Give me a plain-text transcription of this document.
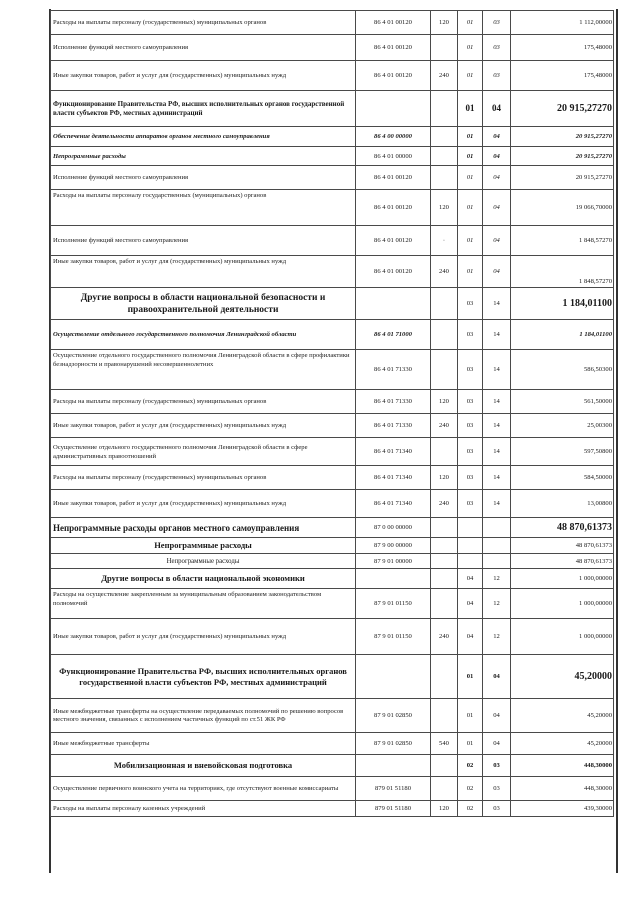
Расходы на выплаты персоналу (государственных) муниципальных органов	86 4 01 00120	120	01	03	1 112,00000
Исполнение функций местного самоуправления	86 4 01 00120		01	03	175,48000
Иные закупки товаров, работ и услуг для (государственных) муниципальных нужд	86 4 01 00120	240	01	03	175,48000
Функционирование Правительства РФ, высших исполнительных органов государственной власти субъектов РФ, местных администраций			01	04	20 915,27270
Обеспечение деятельности аппаратов органов местного самоуправления	86 4 00 00000		01	04	20 915,27270
Непрограммные расходы	86 4 01 00000		01	04	20 915,27270
Исполнение функций местного самоуправления	86 4 01 00120		01	04	20 915,27270
Расходы на выплаты персоналу государственных (муниципальных) органов	86 4 01 00120	120	01	04	19 066,70000
Исполнение функций местного самоуправления	86 4 01 00120	·	01	04	1 848,57270
Иные закупки товаров, работ и услуг для (государственных) муниципальных нужд	86 4 01 00120	240	01	04	1 848,57270
Другие вопросы в области национальной безопасности и правоохранительной деятельности			03	14	1 184,01100
Осуществление отдельного государственного полномочия Ленинградской области	86 4 01 71000		03	14	1 184,01100
Осуществление отдельного государственного полномочия Ленинградской области в сфере профилактики безнадзорности и правонарушений несовершеннолетних	86 4 01 71330		03	14	586,50300
Расходы на выплаты персоналу (государственных) муниципальных органов	86 4 01 71330	120	03	14	561,50000
Иные закупки товаров, работ и услуг для (государственных) муниципальных нужд	86 4 01 71330	240	03	14	25,00300
Осуществление отдельного государственного полномочия Ленинградской области в сфере административных правоотношений	86 4 01 71340		03	14	597,50800
Расходы на выплаты персоналу (государственных) муниципальных органов	86 4 01 71340	120	03	14	584,50000
Иные закупки товаров, работ и услуг для (государственных) муниципальных нужд	86 4 01 71340	240	03	14	13,00800
Непрограммные расходы органов местного самоуправления	87 0 00 00000				48 870,61373
Непрограммные расходы	87 9 00 00000				48 870,61373
Непрограммные расходы	87 9 01 00000				48 870,61373
Другие вопросы в области национальной экономики			04	12	1 000,00000
Расходы на осуществление закрепленным за муниципальным образованием законодательством полномочий	87 9 01 01150		04	12	1 000,00000
Иные закупки товаров, работ и услуг для (государственных) муниципальных нужд	87 9 01 01150	240	04	12	1 000,00000
Функционирование Правительства РФ, высших исполнительных органов государственной власти субъектов РФ, местных администраций			01	04	45,20000
Иные межбюджетные трансферты на осуществление передаваемых полномочий по решению вопросов местного значения, связанных с исполнением частичных функций по ст.51 ЖК РФ	87 9 01 02850		01	04	45,20000
Иные межбюджетные трансферты	87 9 01 02850	540	01	04	45,20000
Мобилизационная и вневойсковая подготовка			02	03	448,30000
Осуществление первичного воинского учета на территориях, где отсутствуют военные комиссариаты	879 01 51180		02	03	448,30000
Расходы на выплаты персоналу казенных учреждений	879 01 51180	120	02	03	439,30000
